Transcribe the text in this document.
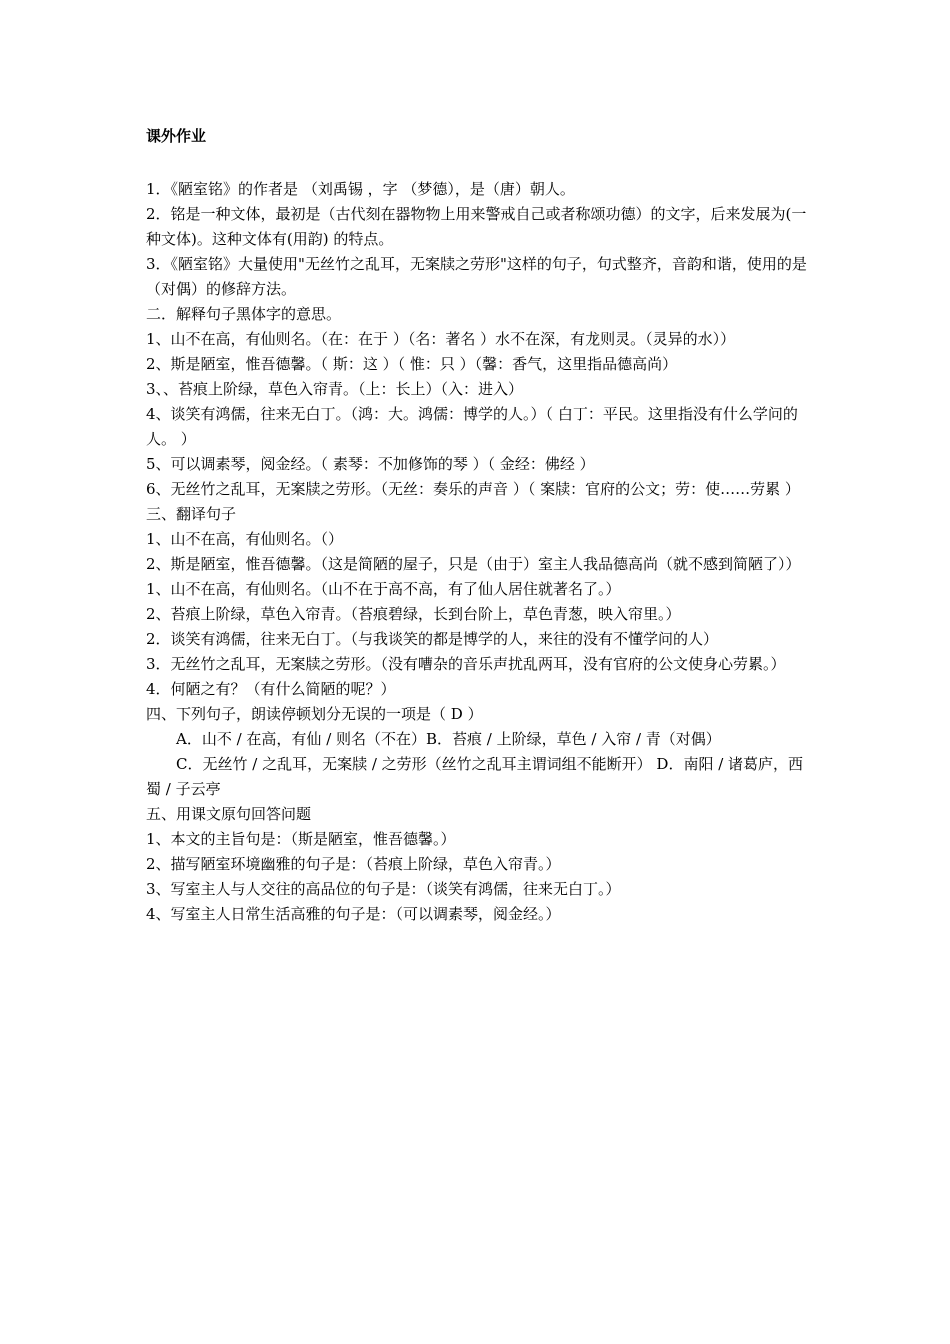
课外作业

1．《陋室铭》的作者是 （刘禹锡 ，字 （梦德），是（唐）朝人。

2．铭是一种文体，最初是（古代刻在器物物上用来警戒自己或者称颂功德）的文字，后来发展为(一种文体)。这种文体有(用韵) 的特点。

3．《陋室铭》大量使用"无丝竹之乱耳，无案牍之劳形"这样的句子，句式整齐，音韵和谐，使用的是（对偶）的修辞方法。

二．解释句子黑体字的意思。

1、山不在高，有仙则名。（在：在于 ）（名：著名 ）水不在深，有龙则灵。（灵异的水））

2、斯是陋室，惟吾德馨。（ 斯：这 ）（ 惟：只 ）（馨：香气，这里指品德高尚）

3、、苔痕上阶绿，草色入帘青。（上：长上）（入：进入）

4、谈笑有鸿儒，往来无白丁。（鸿：大。鸿儒：博学的人。）（ 白丁：平民。这里指没有什么学问的人。 ）

5、可以调素琴，阅金经。（ 素琴：不加修饰的琴 ）（ 金经：佛经 ）

6、无丝竹之乱耳，无案牍之劳形。（无丝：奏乐的声音 ）（ 案牍：官府的公文；劳：使……劳累 ）

三、翻译句子

1、山不在高，有仙则名。（）

2、斯是陋室，惟吾德馨。（这是简陋的屋子，只是（由于）室主人我品德高尚（就不感到简陋了））

1、山不在高，有仙则名。（山不在于高不高，有了仙人居住就著名了。）

2、苔痕上阶绿，草色入帘青。（苔痕碧绿，长到台阶上，草色青葱，映入帘里。）

2．谈笑有鸿儒，往来无白丁。（与我谈笑的都是博学的人，来往的没有不懂学问的人）

3．无丝竹之乱耳，无案牍之劳形。（没有嘈杂的音乐声扰乱两耳，没有官府的公文使身心劳累。）

4．何陋之有？（有什么简陋的呢？）

四、下列句子，朗读停顿划分无误的一项是（ D ）

A．山不 / 在高，有仙 / 则名（不在）B．苔痕 / 上阶绿，草色 / 入帘 / 青（对偶）

C．无丝竹 / 之乱耳，无案牍 / 之劳形（丝竹之乱耳主谓词组不能断开） D．南阳 / 诸葛庐，西蜀 / 子云亭

五、用课文原句回答问题

1、本文的主旨句是：（斯是陋室，惟吾德馨。）

2、描写陋室环境幽雅的句子是：（苔痕上阶绿，草色入帘青。）

3、写室主人与人交往的高品位的句子是：（谈笑有鸿儒，往来无白丁。）

4、写室主人日常生活高雅的句子是：（可以调素琴，阅金经。）
